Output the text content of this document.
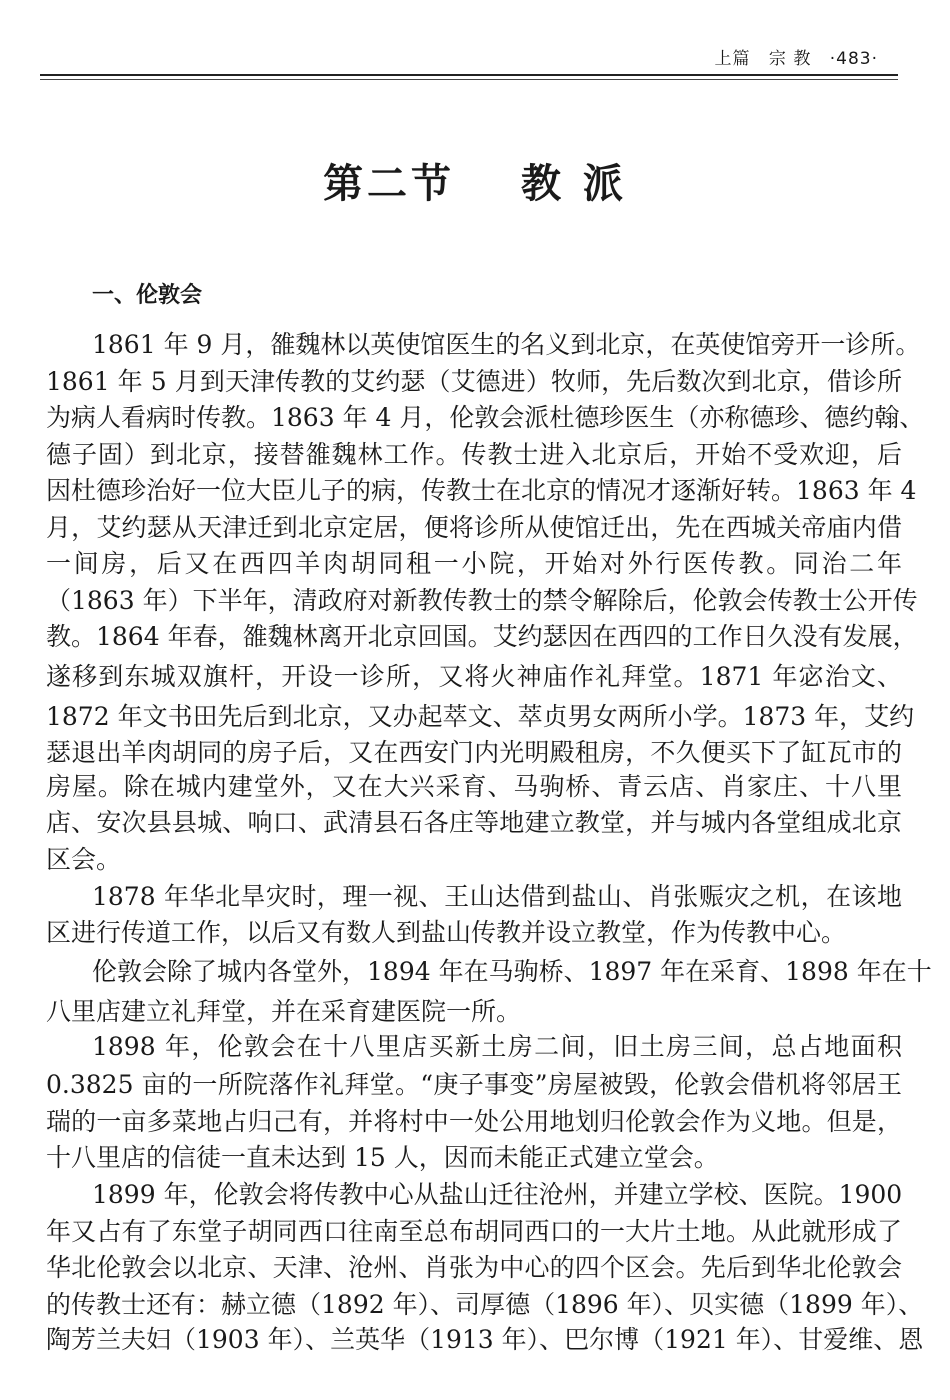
上篇 宗 教 ·483·
第二节 教 派
一、伦敦会
1861 年 9 月，雒魏林以英使馆医生的名义到北京，在英使馆旁开一诊所。
1861 年 5 月到天津传教的艾约瑟（艾德进）牧师，先后数次到北京，借诊所
为病人看病时传教。1863 年 4 月，伦敦会派杜德珍医生（亦称德珍、德约翰、
德子固）到北京，接替雒魏林工作。传教士进入北京后，开始不受欢迎，后
因杜德珍治好一位大臣儿子的病，传教士在北京的情况才逐渐好转。1863 年 4
月，艾约瑟从天津迁到北京定居，便将诊所从使馆迁出，先在西城关帝庙内借
一间房，后又在西四羊肉胡同租一小院，开始对外行医传教。同治二年
（1863 年）下半年，清政府对新教传教士的禁令解除后，伦敦会传教士公开传
教。1864 年春，雒魏林离开北京回国。艾约瑟因在西四的工作日久没有发展，
遂移到东城双旗杆，开设一诊所，又将火神庙作礼拜堂。1871 年宓治文、
1872 年文书田先后到北京，又办起萃文、萃贞男女两所小学。1873 年，艾约
瑟退出羊肉胡同的房子后，又在西安门内光明殿租房，不久便买下了缸瓦市的
房屋。除在城内建堂外，又在大兴采育、马驹桥、青云店、肖家庄、十八里
店、安次县县城、响口、武清县石各庄等地建立教堂，并与城内各堂组成北京
区会。
1878 年华北旱灾时，理一视、王山达借到盐山、肖张赈灾之机，在该地
区进行传道工作，以后又有数人到盐山传教并设立教堂，作为传教中心。
伦敦会除了城内各堂外，1894 年在马驹桥、1897 年在采育、1898 年在十
八里店建立礼拜堂，并在采育建医院一所。
1898 年，伦敦会在十八里店买新土房二间，旧土房三间，总占地面积
0.3825 亩的一所院落作礼拜堂。“庚子事变”房屋被毁，伦敦会借机将邻居王
瑞的一亩多菜地占归己有，并将村中一处公用地划归伦敦会作为义地。但是，
十八里店的信徒一直未达到 15 人，因而未能正式建立堂会。
1899 年，伦敦会将传教中心从盐山迁往沧州，并建立学校、医院。1900
年又占有了东堂子胡同西口往南至总布胡同西口的一大片土地。从此就形成了
华北伦敦会以北京、天津、沧州、肖张为中心的四个区会。先后到华北伦敦会
的传教士还有：赫立德（1892 年）、司厚德（1896 年）、贝实德（1899 年）、
陶芳兰夫妇（1903 年）、兰英华（1913 年）、巴尔博（1921 年）、甘爱维、恩
